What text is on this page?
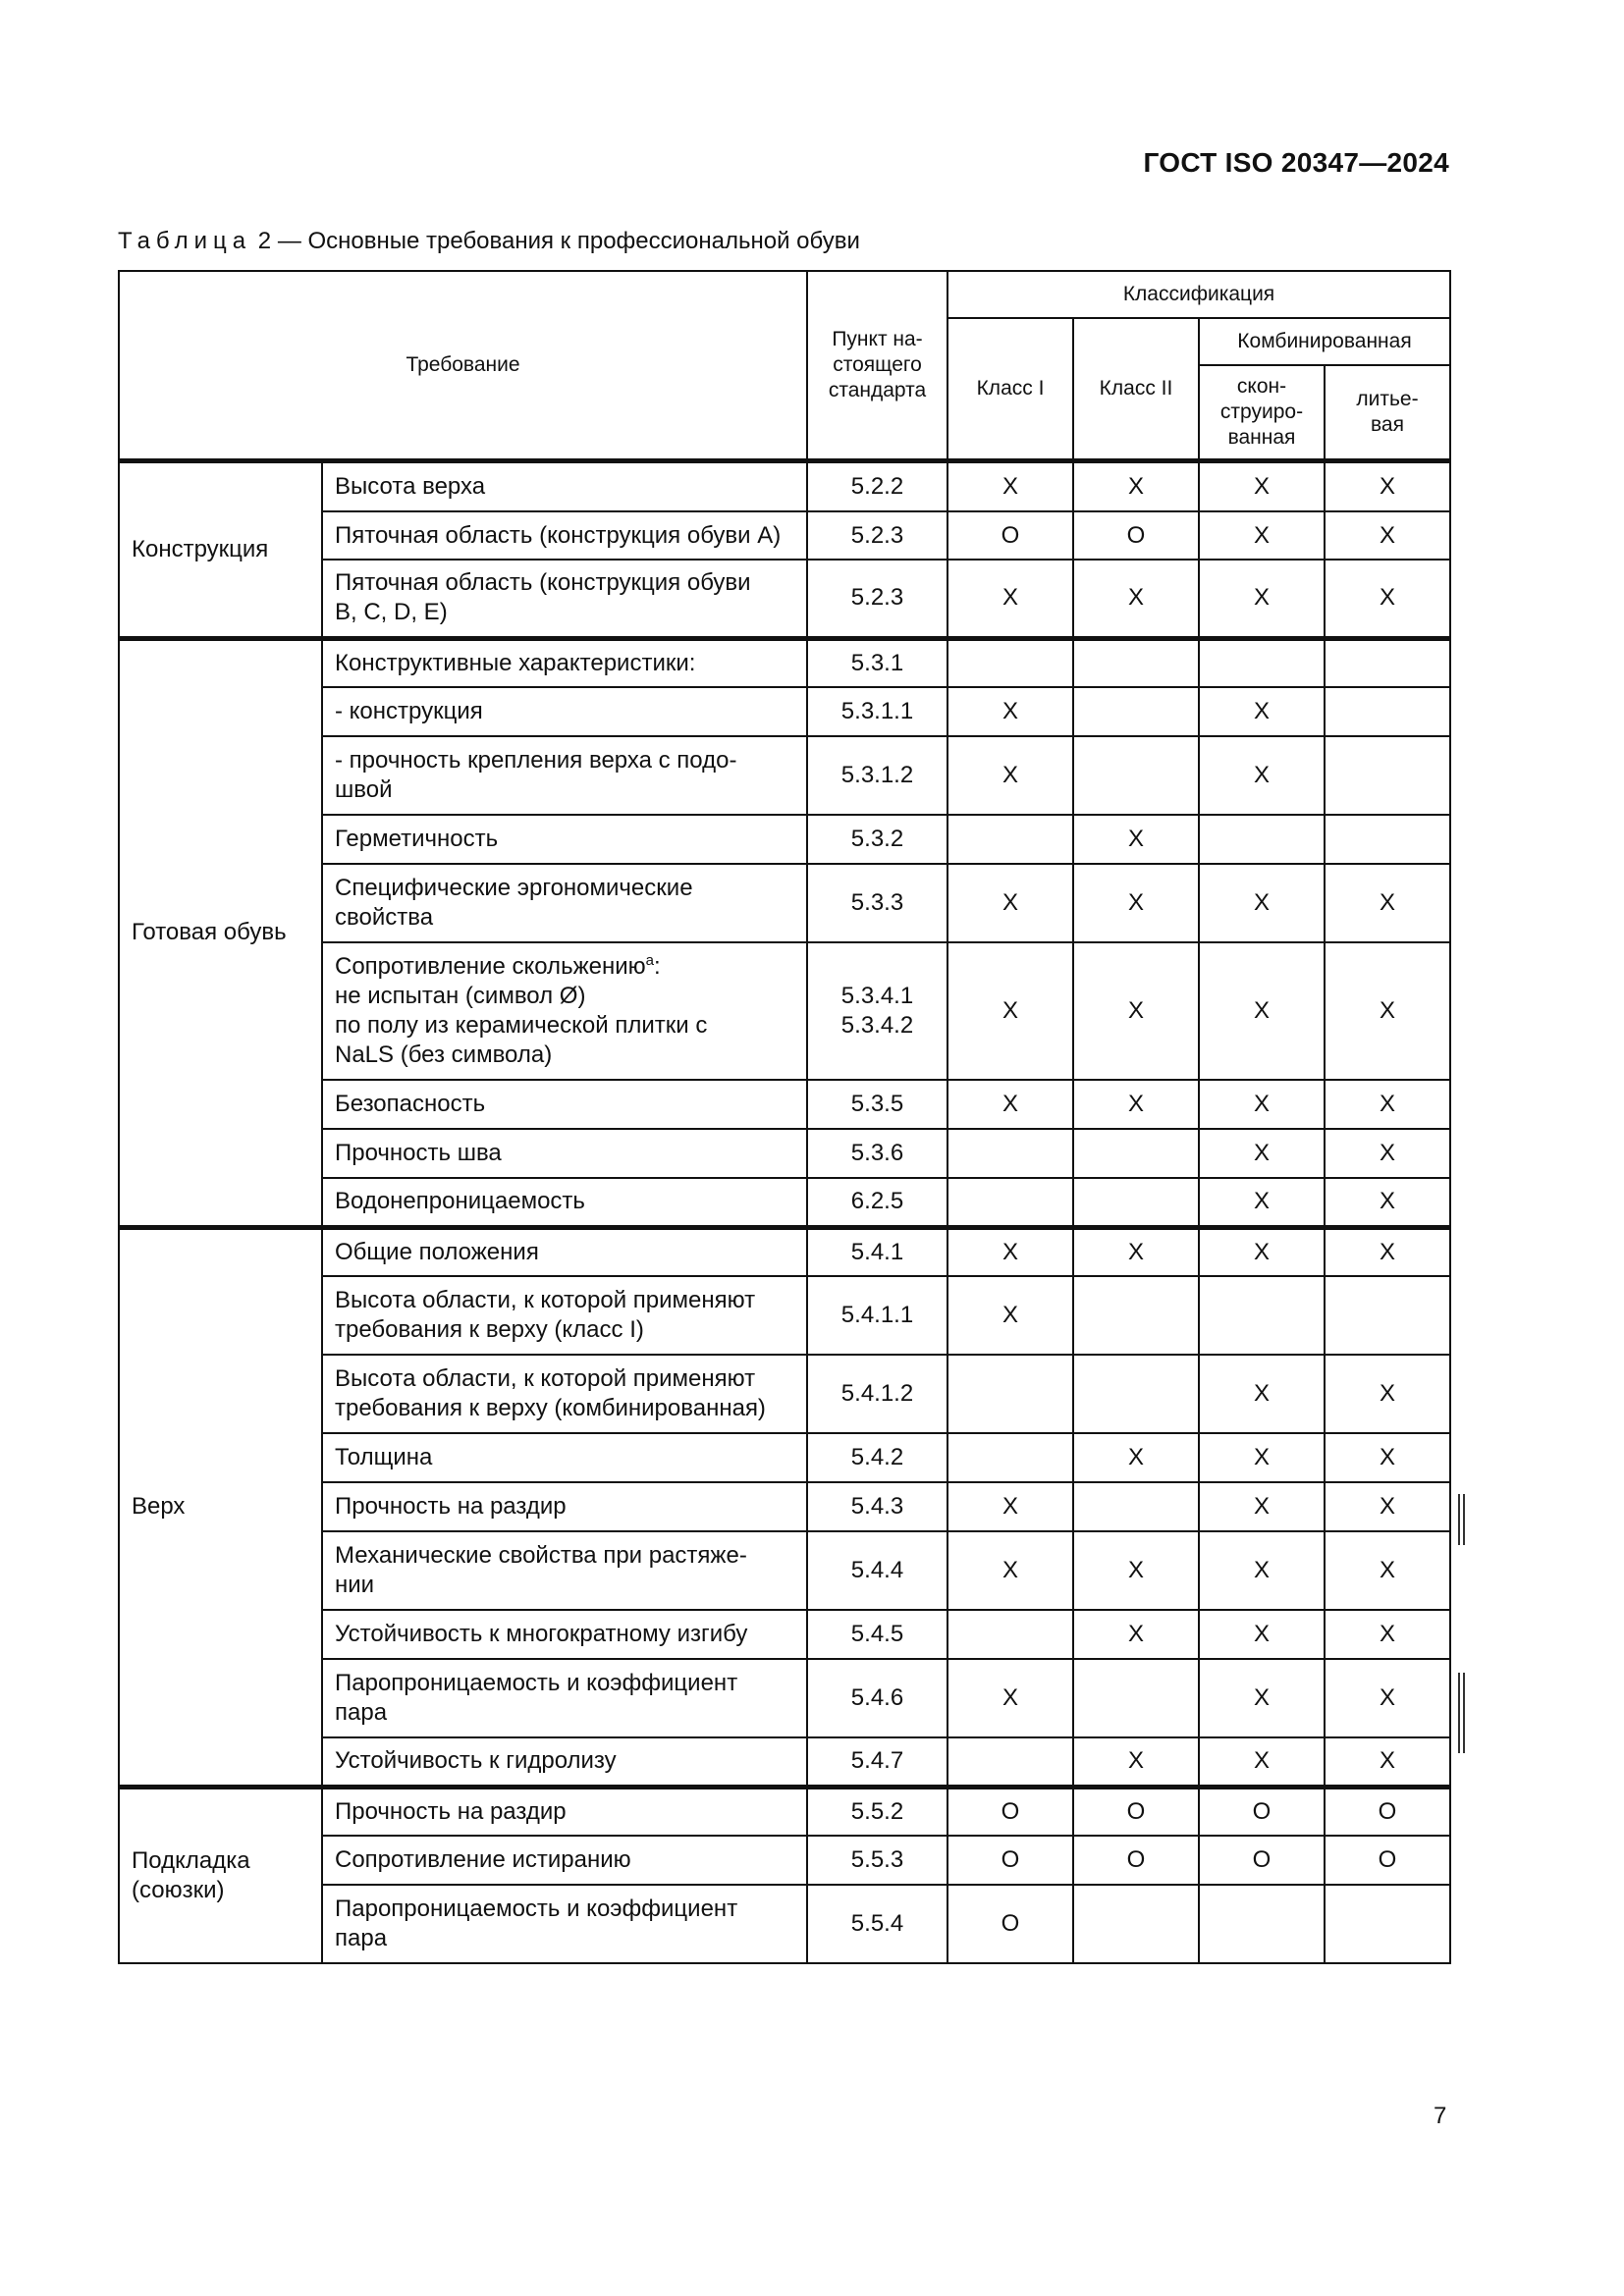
ГОСТ ISO 20347—2024
Таблица 2 — Основные требования к профессиональной обуви
Требование		Пункт на-
стоящего
стандарта	Классификация			
			Класс I	Класс II	Комбинированная	
					скон-
струиро-
ванная	литье-
вая
Конструкция	Высота верха	5.2.2	X	X	X	X
	Пяточная область (конструкция обуви A)	5.2.3	O	O	X	X
	Пяточная область (конструкция обуви
B, C, D, E)	5.2.3	X	X	X	X
Готовая обувь	Конструктивные характеристики:	5.3.1				
	- конструкция	5.3.1.1	X		X	
	- прочность крепления верха с подо-
швой	5.3.1.2	X		X	
	Герметичность	5.3.2		X		
	Специфические эргономические
свойства	5.3.3	X	X	X	X
	Сопротивление скольжению$^a$:
не испытан (символ Ø)
по полу из керамической плитки с
NaLS (без символа)	5.3.4.1
5.3.4.2	X	X	X	X
	Безопасность	5.3.5	X	X	X	X
	Прочность шва	5.3.6			X	X
	Водонепроницаемость	6.2.5			X	X
Верх	Общие положения	5.4.1	X	X	X	X
	Высота области, к которой применяют
требования к верху (класс I)	5.4.1.1	X			
	Высота области, к которой применяют
требования к верху (комбинированная)	5.4.1.2			X	X
	Толщина	5.4.2		X	X	X
	Прочность на раздир	5.4.3	X		X	X
	Механические свойства при растяже-
нии	5.4.4	X	X	X	X
	Устойчивость к многократному изгибу	5.4.5		X	X	X
	Паропроницаемость и коэффициент
пара	5.4.6	X		X	X
	Устойчивость к гидролизу	5.4.7		X	X	X
Подкладка
(союзки)	Прочность на раздир	5.5.2	O	O	O	O
	Сопротивление истиранию	5.5.3	O	O	O	O
	Паропроницаемость и коэффициент
пара	5.5.4	O			
7
